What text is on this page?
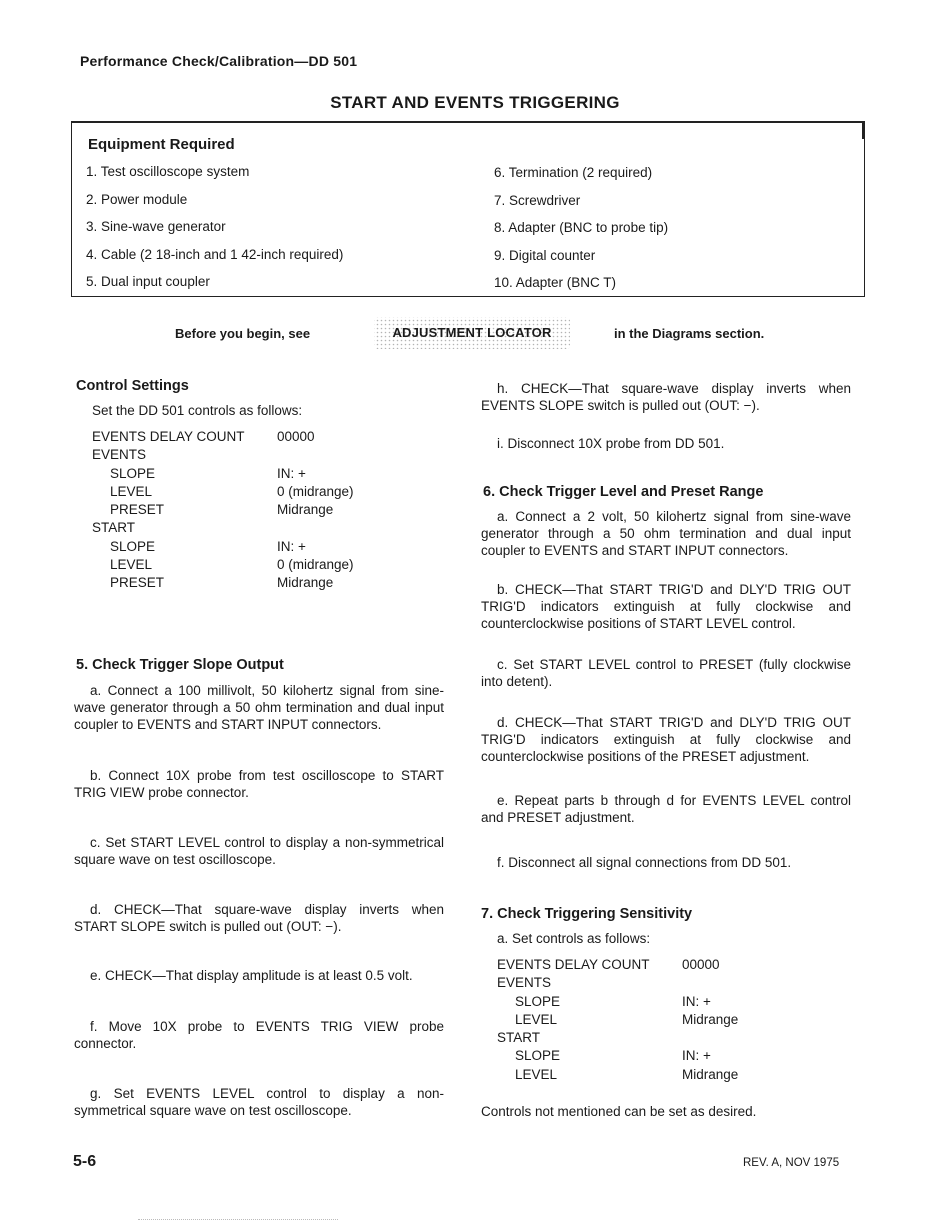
Performance Check/Calibration—DD 501
START AND EVENTS TRIGGERING
Equipment Required
1. Test oscilloscope system
2. Power module
3. Sine-wave generator
4. Cable (2 18-inch and 1 42-inch required)
5. Dual input coupler
6. Termination (2 required)
7. Screwdriver
8. Adapter (BNC to probe tip)
9. Digital counter
10. Adapter (BNC T)
Before you begin, see	ADJUSTMENT LOCATOR	in the Diagrams section.
Control Settings
Set the DD 501 controls as follows:
EVENTS DELAY COUNT 00000
EVENTS
SLOPE	IN: +
LEVEL	0 (midrange)
PRESET	Midrange
START
SLOPE	IN: +
LEVEL	0 (midrange)
PRESET	Midrange
5. Check Trigger Slope Output
a. Connect a 100 millivolt, 50 kilohertz signal from sine-wave generator through a 50 ohm termination and dual input coupler to EVENTS and START INPUT connectors.
b. Connect 10X probe from test oscilloscope to START TRIG VIEW probe connector.
c. Set START LEVEL control to display a non-symmetrical square wave on test oscilloscope.
d. CHECK—That square-wave display inverts when START SLOPE switch is pulled out (OUT: −).
e. CHECK—That display amplitude is at least 0.5 volt.
f. Move 10X probe to EVENTS TRIG VIEW probe connector.
g. Set EVENTS LEVEL control to display a non-symmetrical square wave on test oscilloscope.
h. CHECK—That square-wave display inverts when EVENTS SLOPE switch is pulled out (OUT: −).
i. Disconnect 10X probe from DD 501.
6. Check Trigger Level and Preset Range
a. Connect a 2 volt, 50 kilohertz signal from sine-wave generator through a 50 ohm termination and dual input coupler to EVENTS and START INPUT connectors.
b. CHECK—That START TRIG'D and DLY'D TRIG OUT TRIG'D indicators extinguish at fully clockwise and counterclockwise positions of START LEVEL control.
c. Set START LEVEL control to PRESET (fully clockwise into detent).
d. CHECK—That START TRIG'D and DLY'D TRIG OUT TRIG'D indicators extinguish at fully clockwise and counterclockwise positions of the PRESET adjustment.
e. Repeat parts b through d for EVENTS LEVEL control and PRESET adjustment.
f. Disconnect all signal connections from DD 501.
7. Check Triggering Sensitivity
a. Set controls as follows:
EVENTS DELAY COUNT 00000
EVENTS
SLOPE	IN: +
LEVEL	Midrange
START
SLOPE	IN: +
LEVEL	Midrange
Controls not mentioned can be set as desired.
5-6	REV. A, NOV 1975
